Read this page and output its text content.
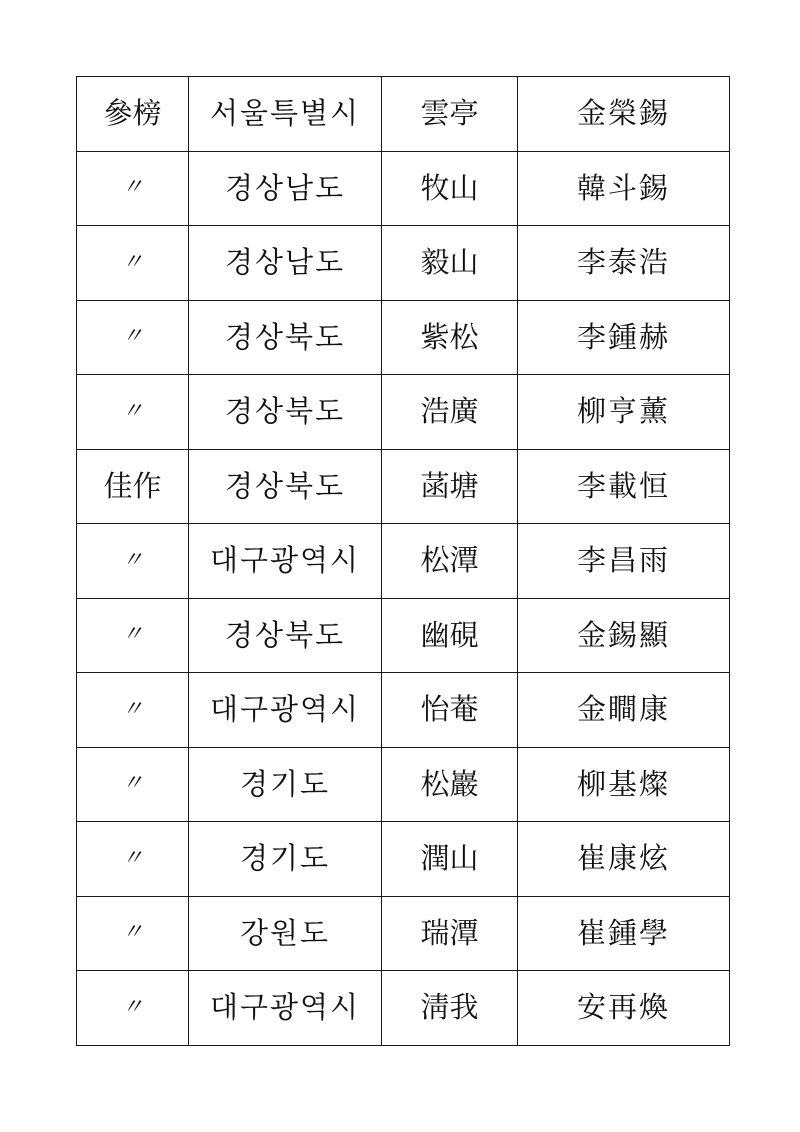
參榜	서울특별시	雲亭	金榮錫
〃	경상남도	牧山	韓斗錫
〃	경상남도	毅山	李泰浩
〃	경상북도	紫松	李鍾赫
〃	경상북도	浩廣	柳亨薰
佳作	경상북도	菡塘	李載恒
〃	대구광역시	松潭	李昌雨
〃	경상북도	幽硯	金錫顯
〃	대구광역시	怡菴	金瞷康
〃	경기도	松巖	柳基燦
〃	경기도	潤山	崔康炫
〃	강원도	瑞潭	崔鍾學
〃	대구광역시	淸我	安再煥
